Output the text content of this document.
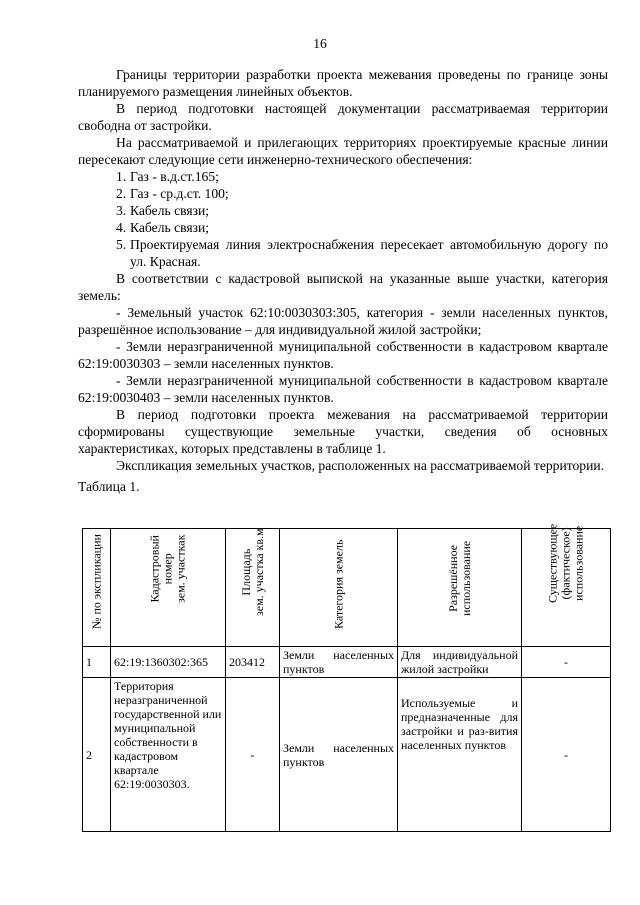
16

Границы территории разработки проекта межевания проведены по границе зоны планируемого размещения линейных объектов.

В период подготовки настоящей документации рассматриваемая территории свободна от застройки.

На рассматриваемой и прилегающих территориях проектируемые красные линии пересекают следующие сети инженерно-технического обеспечения:

1. Газ - в.д.ст.165;
2. Газ - ср.д.ст. 100;
3. Кабель связи;
4. Кабель связи;
5. Проектируемая линия электроснабжения пересекает автомобильную дорогу по ул. Красная.

В соответствии с кадастровой выпиской на указанные выше участки, категория земель:

- Земельный участок 62:10:0030303:305, категория - земли населенных пунктов, разрешённое использование – для индивидуальной жилой застройки;

- Земли неразграниченной муниципальной собственности в кадастровом квартале 62:19:0030303 – земли населенных пунктов.

- Земли неразграниченной муниципальной собственности в кадастровом квартале 62:19:0030403 – земли населенных пунктов.

В период подготовки проекта межевания на рассматриваемой территории сформированы существующие земельные участки, сведения об основных характеристиках, которых представлены в таблице 1.

Экспликация земельных участков, расположенных на рассматриваемой территории.

Таблица 1.

№ по экспликации	Кадастровый номер зем. участкак	Площадь зем. участка кв.м	Категория земель	Разрешённое использование	Существующее (фактическое) использование

1	62:19:1360302:365	203412	Земли населенных пунктов	Для индивидуальной жилой застройки	-
2	Территория неразграниченной государственной или муниципальной собственности в кадастровом квартале 62:19:0030303.	-	Земли населенных пунктов	Используемые и предназначенные для застройки и раз-вития населенных пунктов	-
